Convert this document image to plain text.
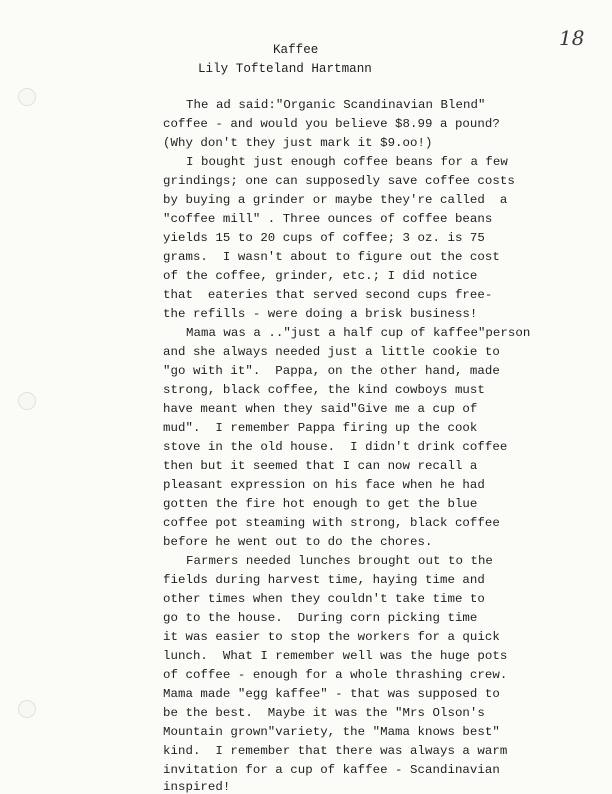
18
Kaffee
Lily Tofteland Hartmann
The ad said:"Organic Scandinavian Blend"
coffee - and would you believe $8.99 a pound?
(Why don't they just mark it $9.oo!)
I bought just enough coffee beans for a few
grindings; one can supposedly save coffee costs
by buying a grinder or maybe they're called  a
"coffee mill" . Three ounces of coffee beans
yields 15 to 20 cups of coffee; 3 oz. is 75
grams.  I wasn't about to figure out the cost
of the coffee, grinder, etc.; I did notice
that  eateries that served second cups free-
the refills - were doing a brisk business!
Mama was a .."just a half cup of kaffee"person
and she always needed just a little cookie to
"go with it".  Pappa, on the other hand, made
strong, black coffee, the kind cowboys must
have meant when they said"Give me a cup of
mud".  I remember Pappa firing up the cook
stove in the old house.  I didn't drink coffee
then but it seemed that I can now recall a
pleasant expression on his face when he had
gotten the fire hot enough to get the blue
coffee pot steaming with strong, black coffee
before he went out to do the chores.
Farmers needed lunches brought out to the
fields during harvest time, haying time and
other times when they couldn't take time to
go to the house.  During corn picking time
it was easier to stop the workers for a quick
lunch.  What I remember well was the huge pots
of coffee - enough for a whole thrashing crew.
Mama made "egg kaffee" - that was supposed to
be the best.  Maybe it was the "Mrs Olson's
Mountain grown"variety, the "Mama knows best"
kind.  I remember that there was always a warm
invitation for a cup of kaffee - Scandinavian
inspired!
